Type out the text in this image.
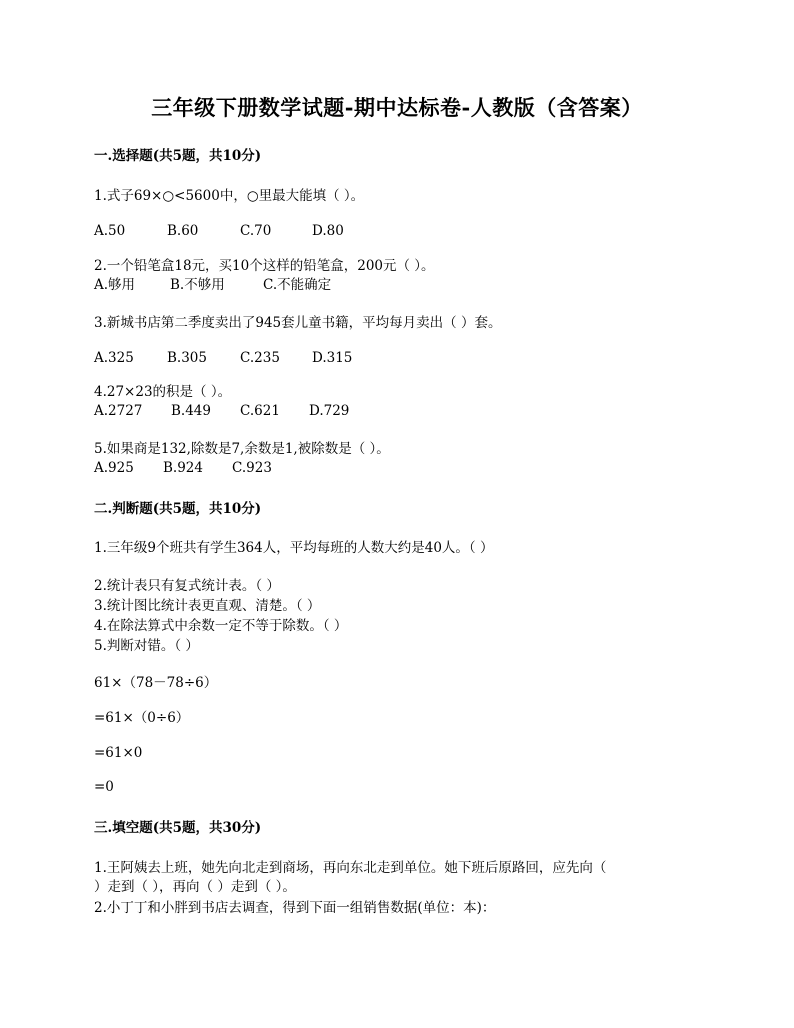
三年级下册数学试题-期中达标卷-人教版（含答案）
一.选择题(共5题，共10分)
1.式子69×○<5600中，○里最大能填（ ）。
A.50	B.60	C.70	D.80
2.一个铅笔盒18元，买10个这样的铅笔盒，200元（ ）。
A.够用	B.不够用	C.不能确定
3.新城书店第二季度卖出了945套儿童书籍，平均每月卖出（ ）套。
A.325 B.305 C.235 D.315
4.27×23的积是（ ）。
A.2727 B.449 C.621 D.729
5.如果商是132,除数是7,余数是1,被除数是（ ）。
A.925 B.924 C.923
二.判断题(共5题，共10分)
1.三年级9个班共有学生364人，平均每班的人数大约是40人。（ ）
2.统计表只有复式统计表。（ ）
3.统计图比统计表更直观、清楚。（ ）
4.在除法算式中余数一定不等于除数。（ ）
5.判断对错。（ ）
61×（78－78÷6）
=61×（0÷6）
=61×0
=0
三.填空题(共5题，共30分)
1.王阿姨去上班，她先向北走到商场，再向东北走到单位。她下班后原路回，应先向（
）走到（ ），再向（ ）走到（ ）。
2.小丁丁和小胖到书店去调查，得到下面一组销售数据(单位：本)：
